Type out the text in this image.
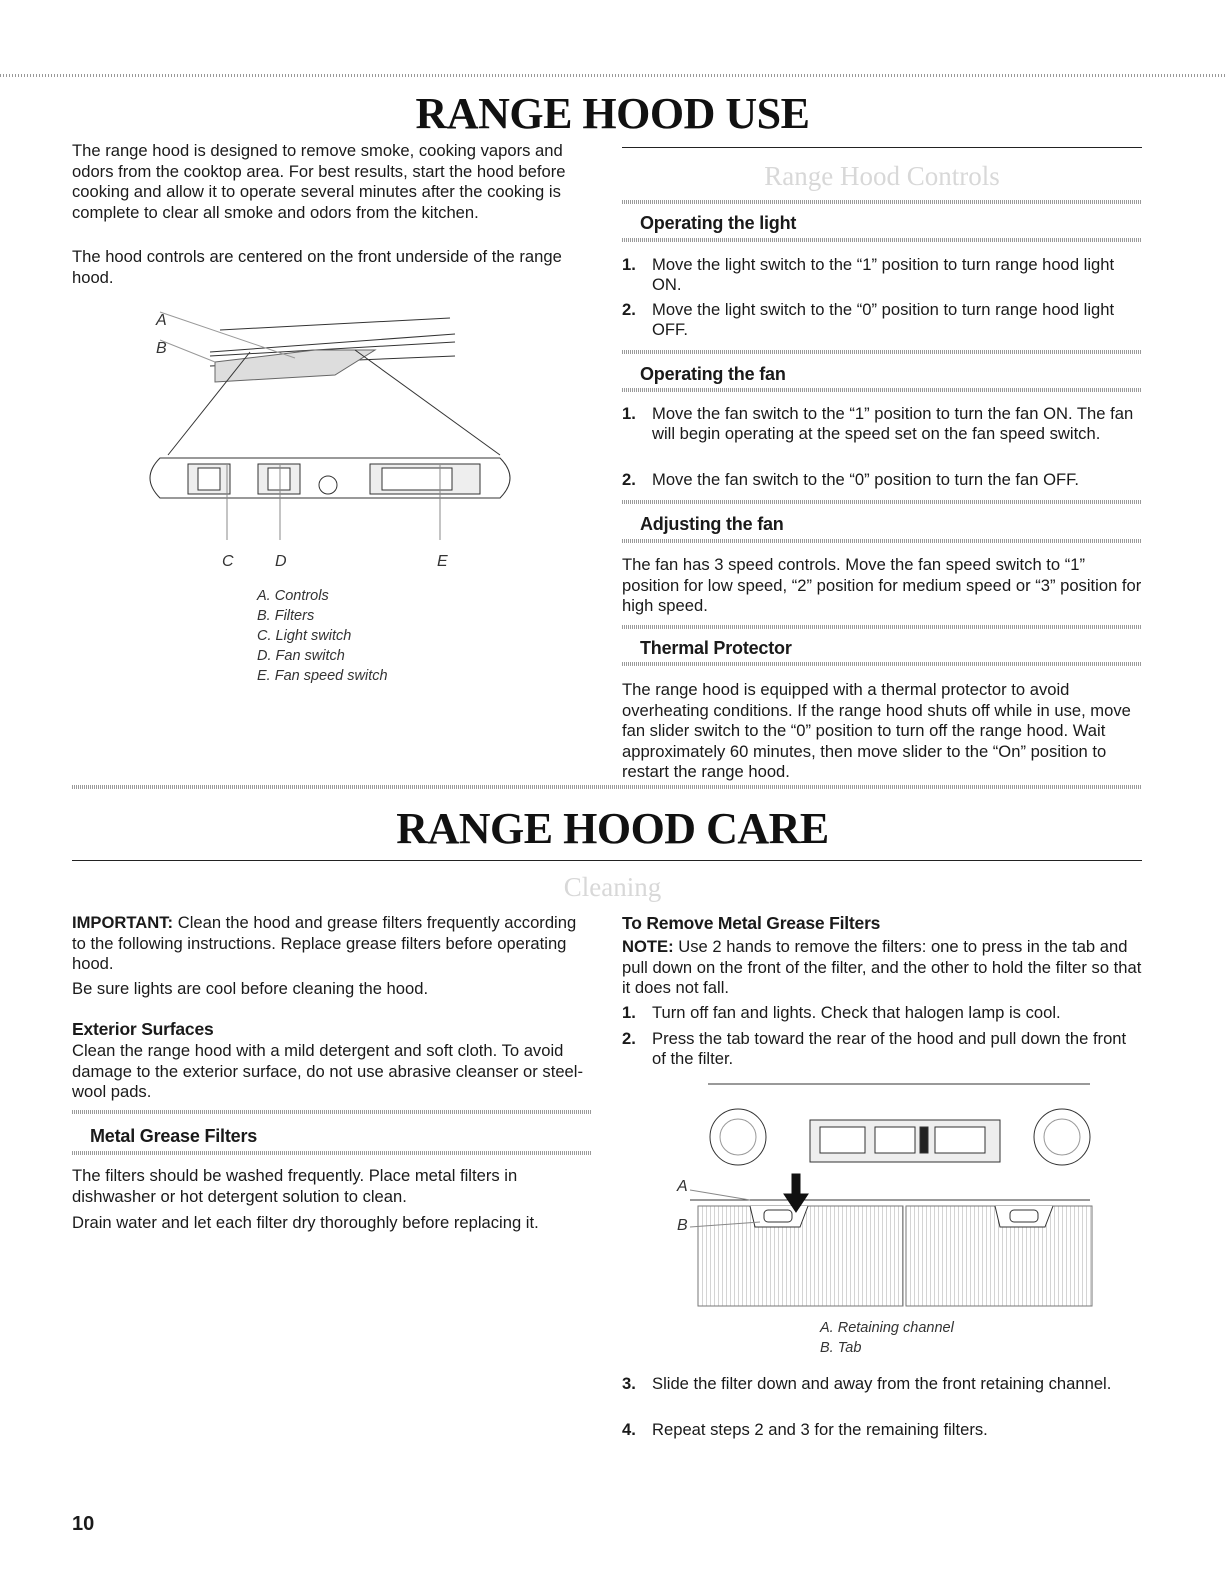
RANGE HOOD USE

The range hood is designed to remove smoke, cooking vapors and odors from the cooktop area. For best results, start the hood before cooking and allow it to operate several minutes after the cooking is complete to clear all smoke and odors from the kitchen.

The hood controls are centered on the front underside of the range hood.

A
B
C	D	E
A. Controls
B. Filters
C. Light switch
D. Fan switch
E. Fan speed switch
Range Hood Controls
Operating the light
1. Move the light switch to the “1” position to turn range hood light ON.
2. Move the light switch to the “0” position to turn range hood light OFF.
Operating the fan
1. Move the fan switch to the “1” position to turn the fan ON. The fan will begin operating at the speed set on the fan speed switch.
2. Move the fan switch to the “0” position to turn the fan OFF.
Adjusting the fan

The fan has 3 speed controls. Move the fan speed switch to “1” position for low speed, “2” position for medium speed or “3” position for high speed.

Thermal Protector

The range hood is equipped with a thermal protector to avoid overheating conditions. If the range hood shuts off while in use, move fan slider switch to the “0” position to turn off the range hood. Wait approximately 60 minutes, then move slider to the “On” position to restart the range hood.

RANGE HOOD CARE
Cleaning

IMPORTANT: Clean the hood and grease filters frequently according to the following instructions. Replace grease filters before operating hood.

Be sure lights are cool before cleaning the hood.

Exterior Surfaces

Clean the range hood with a mild detergent and soft cloth. To avoid damage to the exterior surface, do not use abrasive cleanser or steel-wool pads.

Metal Grease Filters

The filters should be washed frequently. Place metal filters in dishwasher or hot detergent solution to clean.

Drain water and let each filter dry thoroughly before replacing it.

To Remove Metal Grease Filters

NOTE: Use 2 hands to remove the filters: one to press in the tab and pull down on the front of the filter, and the other to hold the filter so that it does not fall.

1. Turn off fan and lights. Check that halogen lamp is cool.
2. Press the tab toward the rear of the hood and pull down the front of the filter.
A
B
A. Retaining channel
B. Tab
3. Slide the filter down and away from the front retaining channel.
4. Repeat steps 2 and 3 for the remaining filters.
10
